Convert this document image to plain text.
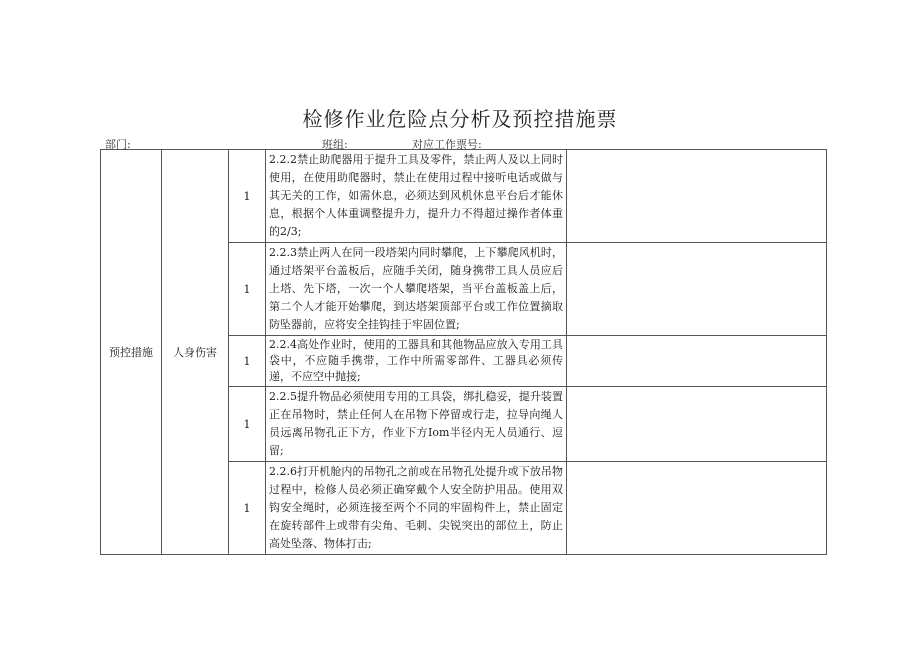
检修作业危险点分析及预控措施票
部门:	班组:	对应工作票号:
预控措施	人身伤害	1	2.2.2禁止助爬器用于提升工具及零件，禁止两人及以上同时使用，在使用助爬器时，禁止在使用过程中接听电话或做与其无关的工作，如需休息，必须达到风机休息平台后才能休息，根据个人体重调整提升力，提升力不得超过操作者体重的2/3;	
		1	2.2.3禁止两人在同一段塔架内同时攀爬，上下攀爬风机时，通过塔架平台盖板后，应随手关闭，随身携带工具人员应后上塔、先下塔，一次一个人攀爬塔架，当平台盖板盖上后，第二个人才能开始攀爬，到达塔架顶部平台或工作位置摘取防坠器前，应将安全挂钩挂于牢固位置;	
		1	2.2.4高处作业时，使用的工器具和其他物品应放入专用工具袋中，不应随手携带，工作中所需零部件、工器具必须传递，不应空中抛接;	
		1	2.2.5提升物品必须使用专用的工具袋，绑扎稳妥，提升装置正在吊物时，禁止任何人在吊物下停留或行走，拉导向绳人员远离吊物孔正下方，作业下方Iom半径内无人员通行、逗留;	
		1	2.2.6打开机舱内的吊物孔之前或在吊物孔处提升或下放吊物过程中，检修人员必须正确穿戴个人安全防护用品。使用双钩安全绳时，必须连接至两个不同的牢固构件上，禁止固定在旋转部件上或带有尖角、毛刺、尖锐突出的部位上，防止高处坠落、物体打击;	
